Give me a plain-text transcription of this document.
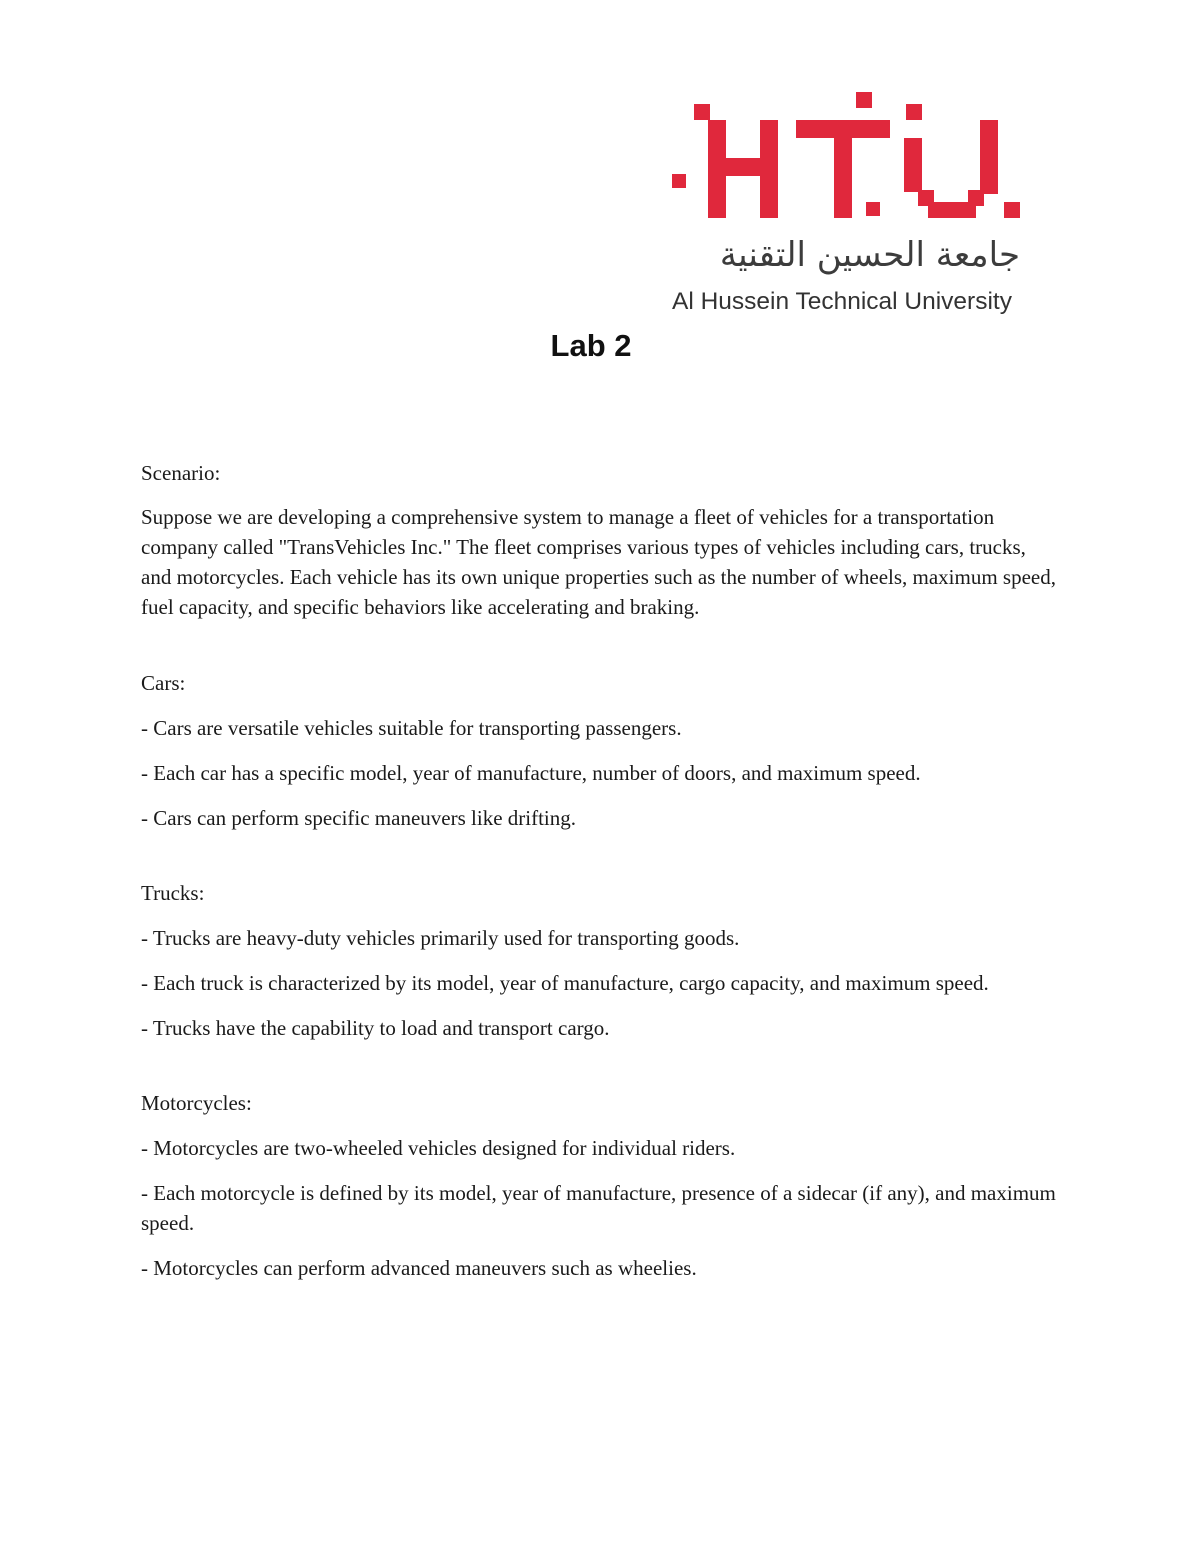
جامعة الحسين التقنية
Al Hussein Technical University
Lab 2

Scenario:

Suppose we are developing a comprehensive system to manage a fleet of vehicles for a transportation company called "TransVehicles Inc." The fleet comprises various types of vehicles including cars, trucks, and motorcycles. Each vehicle has its own unique properties such as the number of wheels, maximum speed, fuel capacity, and specific behaviors like accelerating and braking.

Cars:

- Cars are versatile vehicles suitable for transporting passengers.

- Each car has a specific model, year of manufacture, number of doors, and maximum speed.

- Cars can perform specific maneuvers like drifting.

Trucks:

- Trucks are heavy-duty vehicles primarily used for transporting goods.

- Each truck is characterized by its model, year of manufacture, cargo capacity, and maximum speed.

- Trucks have the capability to load and transport cargo.

Motorcycles:

- Motorcycles are two-wheeled vehicles designed for individual riders.

- Each motorcycle is defined by its model, year of manufacture, presence of a sidecar (if any), and maximum speed.

- Motorcycles can perform advanced maneuvers such as wheelies.
